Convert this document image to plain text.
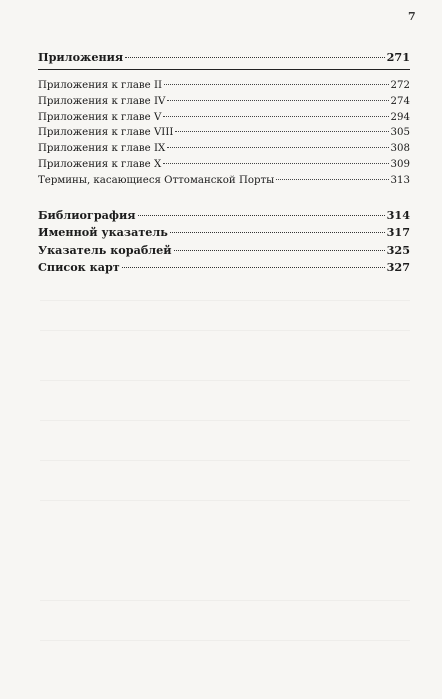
7
Приложения	271
Приложения к главе II	272
Приложения к главе IV	274
Приложения к главе V	294
Приложения к главе VIII	305
Приложения к главе IX	308
Приложения к главе X	309
Термины, касающиеся Оттоманской Порты	313
Библиография	314
Именной указатель	317
Указатель кораблей	325
Список карт	327
